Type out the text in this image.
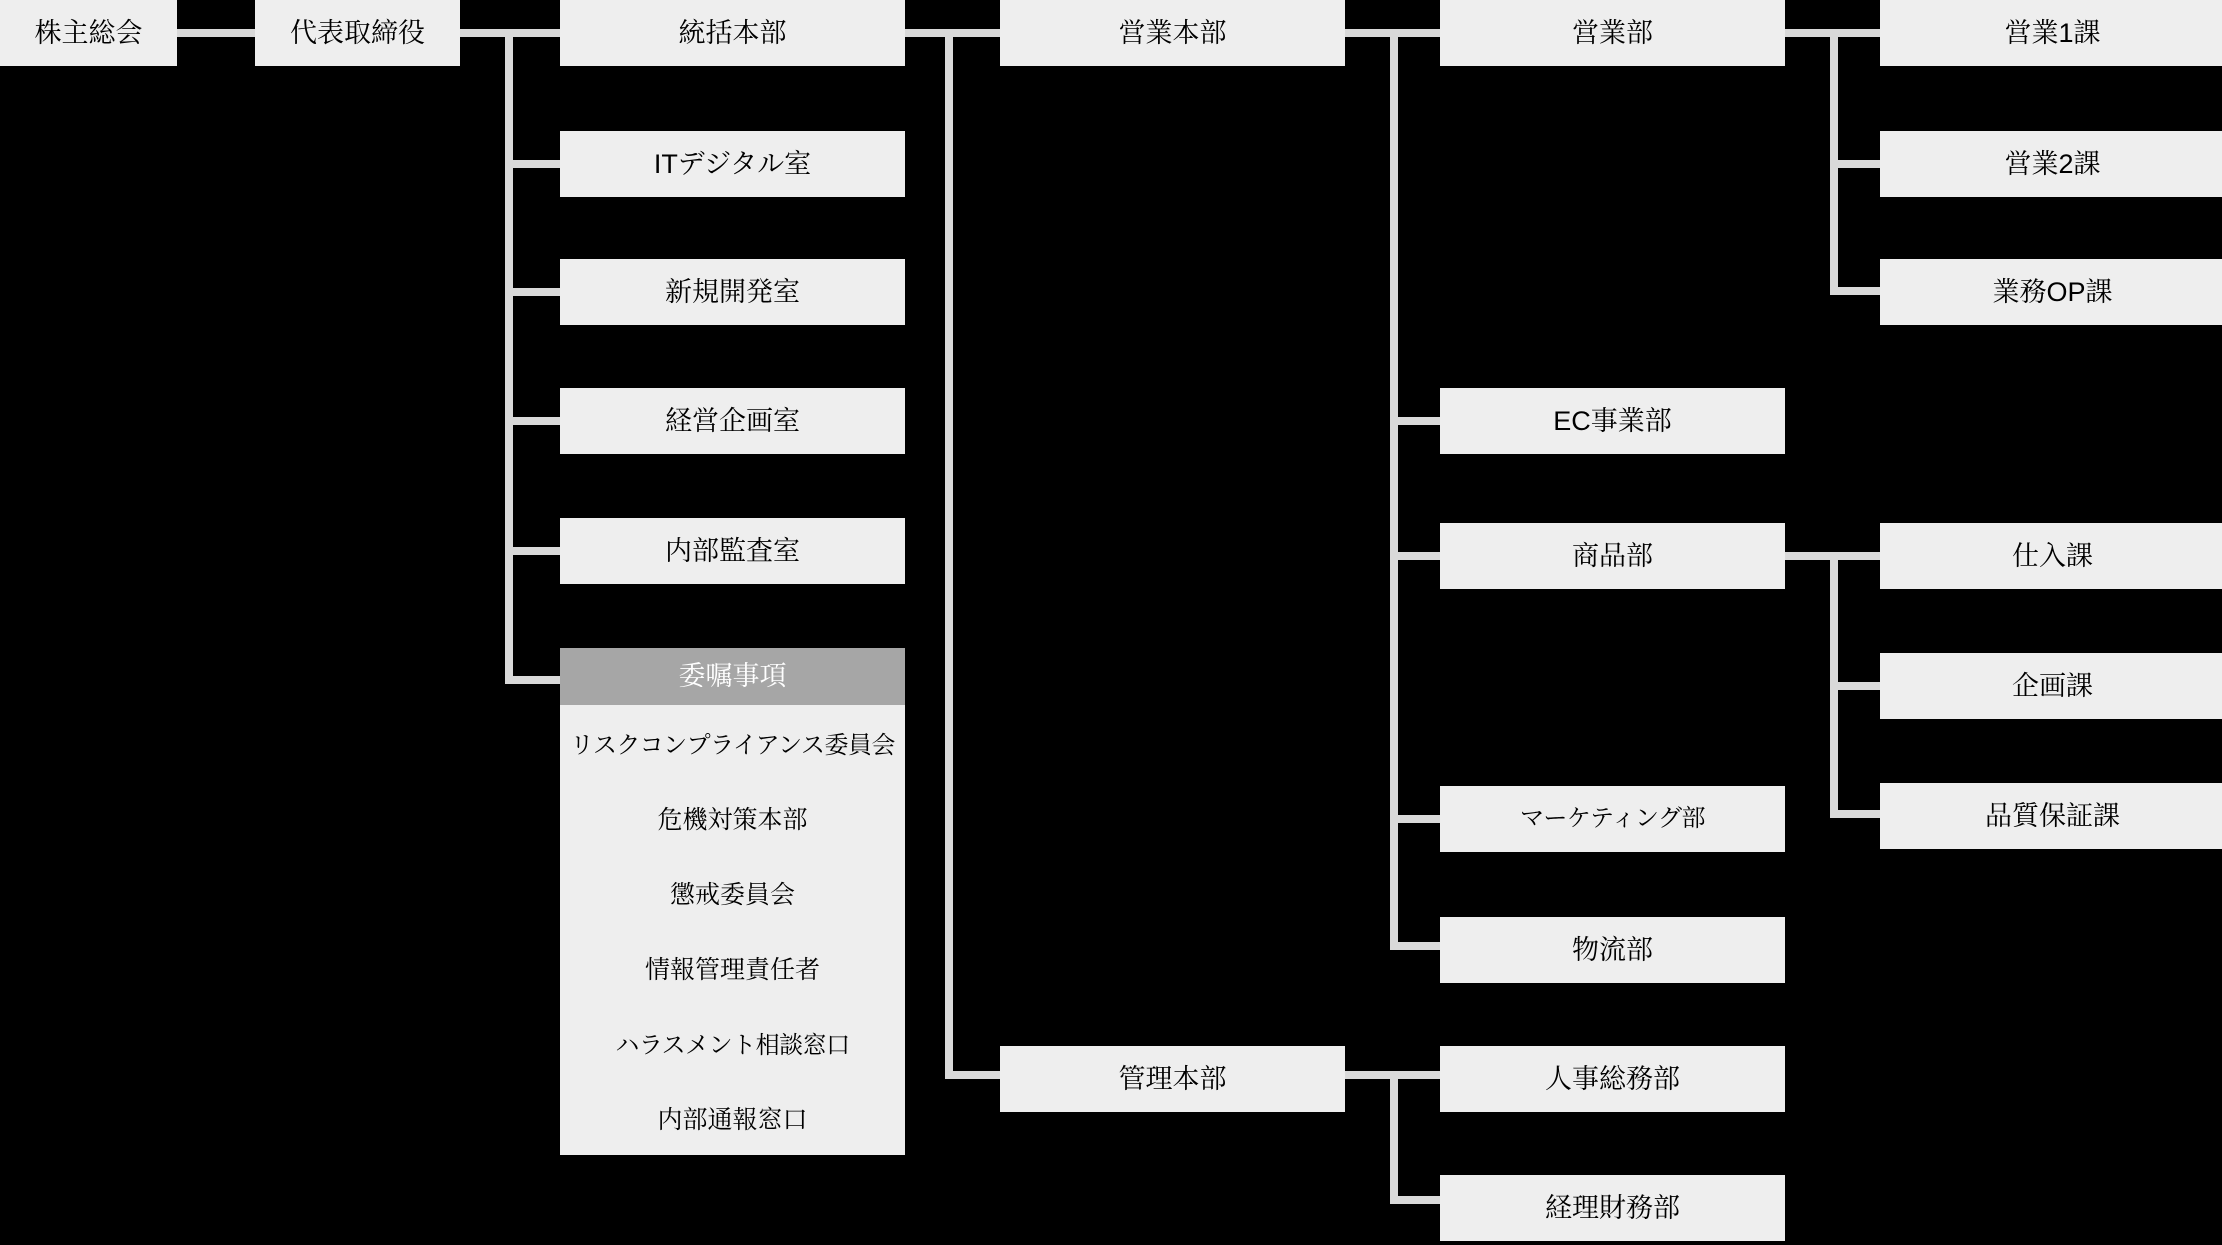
委嘱事項
リスクコンプライアンス委員会
危機対策本部
懲戒委員会
情報管理責任者
ハラスメント相談窓口
内部通報窓口
株主総会	代表取締役	統括本部
ITデジタル室
新規開発室
経営企画室
内部監査室
営業本部
管理本部
営業部
EC事業部
商品部
マーケティング部
物流部
人事総務部
経理財務部
営業1課
営業2課
業務OP課
仕入課
企画課
品質保証課
